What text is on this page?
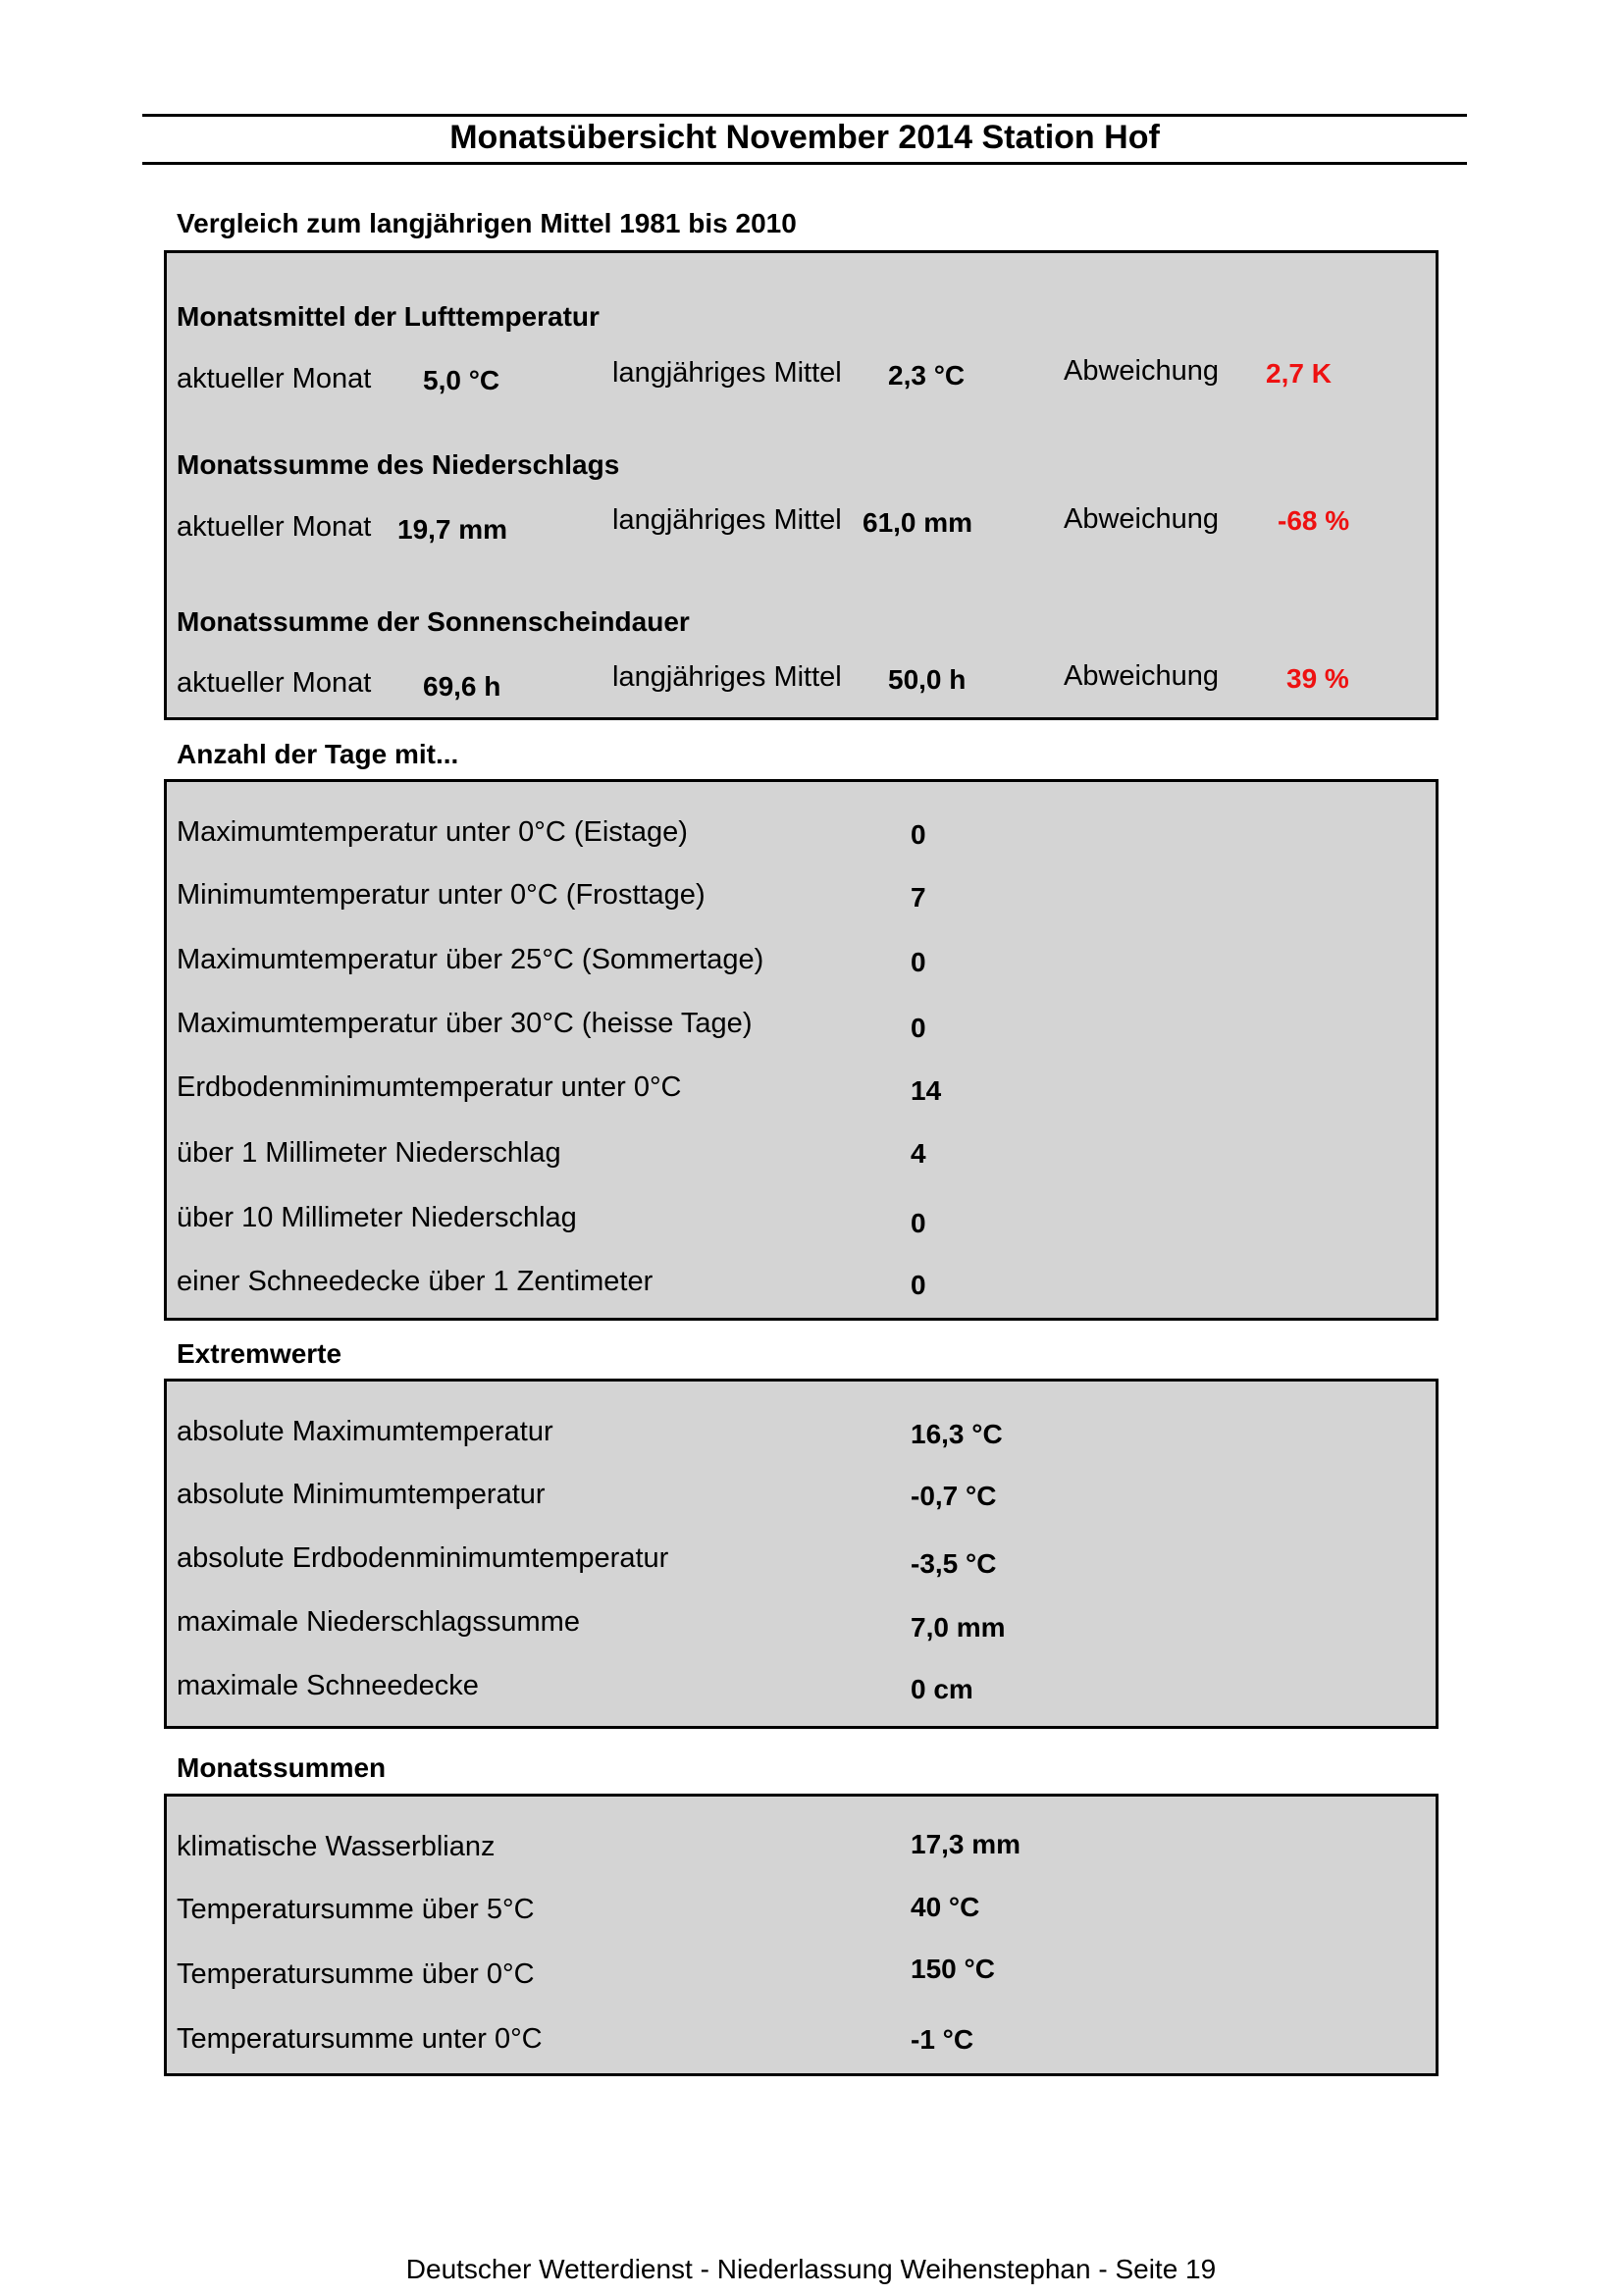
Monatsübersicht November 2014 Station Hof
Vergleich zum langjährigen Mittel 1981 bis 2010
Monatsmittel der Lufttemperatur
aktueller Monat 5,0 °C	langjähriges Mittel 2,3 °C	Abweichung 2,7 K
Monatssumme des Niederschlags
aktueller Monat 19,7 mm	langjähriges Mittel 61,0 mm	Abweichung -68 %
Monatssumme der Sonnenscheindauer
aktueller Monat 69,6 h	langjähriges Mittel 50,0 h	Abweichung 39 %
Anzahl der Tage mit...
Maximumtemperatur unter 0°C (Eistage)	0
Minimumtemperatur unter 0°C (Frosttage)	7
Maximumtemperatur über 25°C (Sommertage)	0
Maximumtemperatur über 30°C (heisse Tage)	0
Erdbodenminimumtemperatur unter 0°C	14
über 1 Millimeter Niederschlag	4
über 10 Millimeter Niederschlag	0
einer Schneedecke über 1 Zentimeter	0
Extremwerte
absolute Maximumtemperatur	16,3 °C
absolute Minimumtemperatur	-0,7 °C
absolute Erdbodenminimumtemperatur	-3,5 °C
maximale Niederschlagssumme	7,0 mm
maximale Schneedecke	0 cm
Monatssummen
klimatische Wasserblianz	17,3 mm
Temperatursumme über 5°C	40 °C
Temperatursumme über 0°C	150 °C
Temperatursumme unter 0°C	-1 °C
Deutscher Wetterdienst - Niederlassung Weihenstephan - Seite 19
